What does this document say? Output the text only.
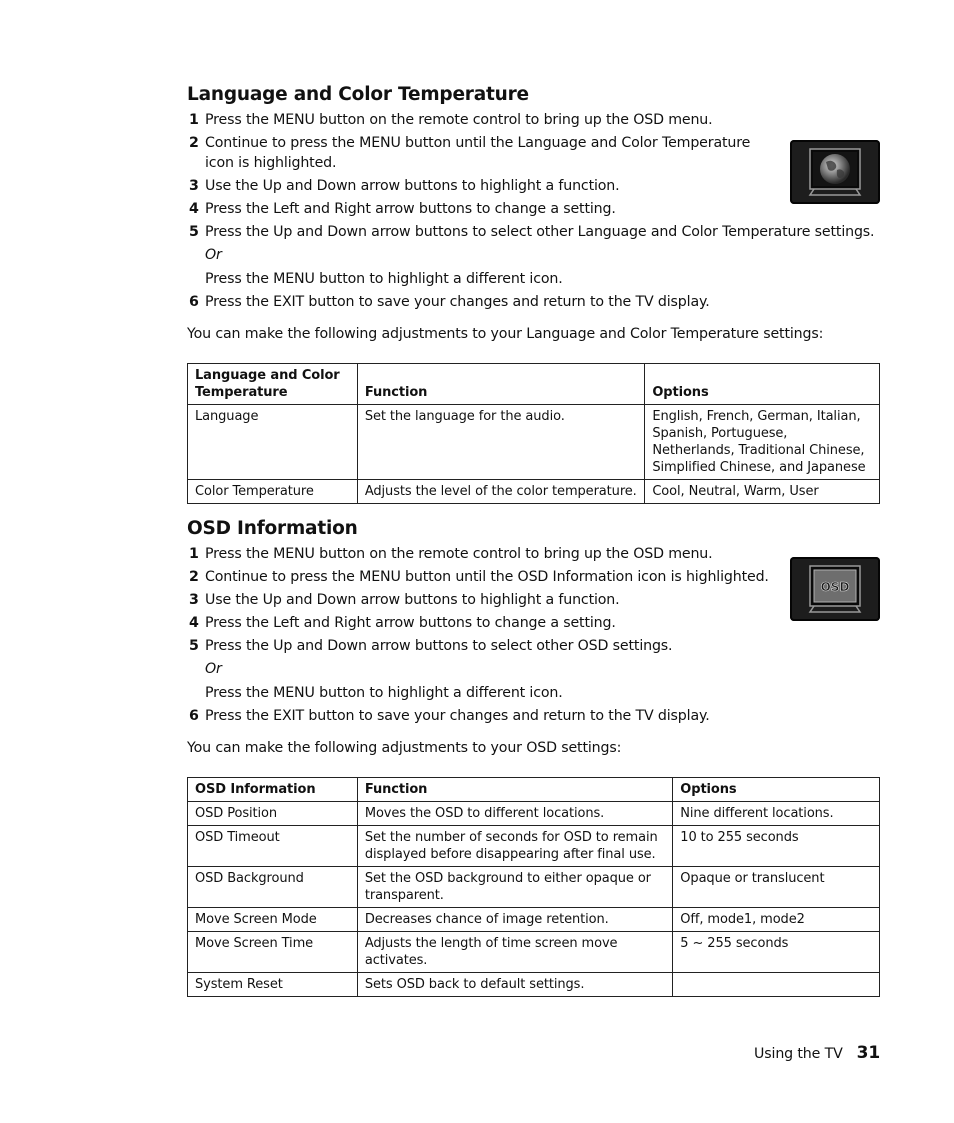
Language and Color Temperature
1 Press the MENU button on the remote control to bring up the OSD menu.
2 Continue to press the MENU button until the Language and Color Temperature icon is highlighted.
3 Use the Up and Down arrow buttons to highlight a function.
4 Press the Left and Right arrow buttons to change a setting.
5 Press the Up and Down arrow buttons to select other Language and Color Temperature settings.
Or
Press the MENU button to highlight a different icon.
6 Press the EXIT button to save your changes and return to the TV display.

You can make the following adjustments to your Language and Color Temperature settings:

Language and Color Temperature	Function	Options
Language	Set the language for the audio.	English, French, German, Italian, Spanish, Portuguese, Netherlands, Traditional Chinese, Simplified Chinese, and Japanese
Color Temperature	Adjusts the level of the color temperature.	Cool, Neutral, Warm, User
OSD Information
1 Press the MENU button on the remote control to bring up the OSD menu.
2 Continue to press the MENU button until the OSD Information icon is highlighted.
3 Use the Up and Down arrow buttons to highlight a function.
4 Press the Left and Right arrow buttons to change a setting.
5 Press the Up and Down arrow buttons to select other OSD settings.
Or
Press the MENU button to highlight a different icon.
6 Press the EXIT button to save your changes and return to the TV display.
OSD

You can make the following adjustments to your OSD settings:

OSD Information	Function	Options
OSD Position	Moves the OSD to different locations.	Nine different locations.
OSD Timeout	Set the number of seconds for OSD to remain displayed before disappearing after final use.	10 to 255 seconds
OSD Background	Set the OSD background to either opaque or transparent.	Opaque or translucent
Move Screen Mode	Decreases chance of image retention.	Off, mode1, mode2
Move Screen Time	Adjusts the length of time screen move activates.	5 ~ 255 seconds
System Reset	Sets OSD back to default settings.	
Using the TV 31
